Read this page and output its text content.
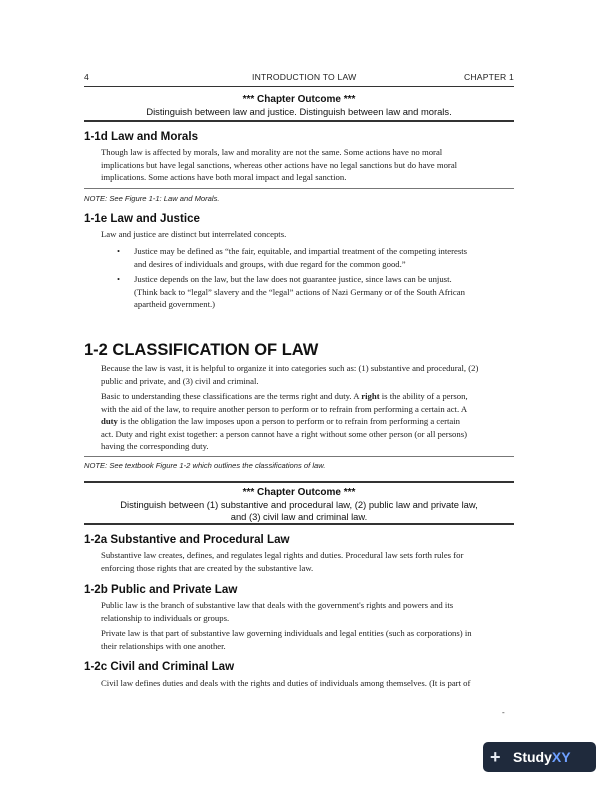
4	INTRODUCTION TO LAW	CHAPTER 1
*** Chapter Outcome ***
Distinguish between law and justice. Distinguish between law and morals.
1-1d Law and Morals
Though law is affected by morals, law and morality are not the same. Some actions have no moral
implications but have legal sanctions, whereas other actions have no legal sanctions but do have moral
implications. Some actions have both moral impact and legal sanction.
NOTE: See Figure 1-1: Law and Morals.
1-1e Law and Justice
Law and justice are distinct but interrelated concepts.
• Justice may be defined as “the fair, equitable, and impartial treatment of the competing interests
and desires of individuals and groups, with due regard for the common good.”
• Justice depends on the law, but the law does not guarantee justice, since laws can be unjust.
(Think back to “legal” slavery and the “legal” actions of Nazi Germany or of the South African
apartheid government.)
1-2 CLASSIFICATION OF LAW
Because the law is vast, it is helpful to organize it into categories such as: (1) substantive and procedural, (2)
public and private, and (3) civil and criminal.
Basic to understanding these classifications are the terms right and duty. A right is the ability of a person,
with the aid of the law, to require another person to perform or to refrain from performing a certain act. A
duty is the obligation the law imposes upon a person to perform or to refrain from performing a certain
act. Duty and right exist together: a person cannot have a right without some other person (or all persons)
having the corresponding duty.
NOTE: See textbook Figure 1-2 which outlines the classifications of law.
*** Chapter Outcome ***
Distinguish between (1) substantive and procedural law, (2) public law and private law,
and (3) civil law and criminal law.
1-2a Substantive and Procedural Law
Substantive law creates, defines, and regulates legal rights and duties. Procedural law sets forth rules for
enforcing those rights that are created by the substantive law.
1-2b Public and Private Law
Public law is the branch of substantive law that deals with the government's rights and powers and its
relationship to individuals or groups.
Private law is that part of substantive law governing individuals and legal entities (such as corporations) in
their relationships with one another.
1-2c Civil and Criminal Law
Civil law defines duties and deals with the rights and duties of individuals among themselves. (It is part of
-
+ StudyXY
